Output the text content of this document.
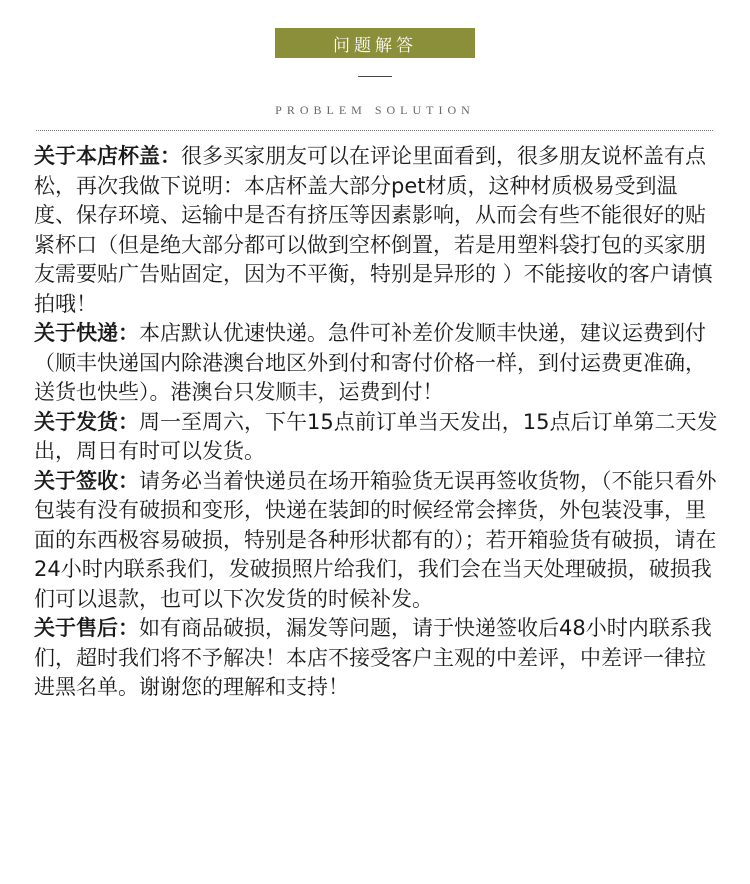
问题解答
PROBLEM SOLUTION

关于本店杯盖：很多买家朋友可以在评论里面看到，很多朋友说杯盖有点松，再次我做下说明：本店杯盖大部分pet材质，这种材质极易受到温度、保存环境、运输中是否有挤压等因素影响，从而会有些不能很好的贴紧杯口（但是绝大部分都可以做到空杯倒置，若是用塑料袋打包的买家朋友需要贴广告贴固定，因为不平衡，特别是异形的 ）不能接收的客户请慎拍哦！

关于快递：本店默认优速快递。急件可补差价发顺丰快递，建议运费到付（顺丰快递国内除港澳台地区外到付和寄付价格一样，到付运费更准确，送货也快些）。港澳台只发顺丰，运费到付！

关于发货：周一至周六，下午15点前订单当天发出，15点后订单第二天发出，周日有时可以发货。

关于签收：请务必当着快递员在场开箱验货无误再签收货物，（不能只看外包装有没有破损和变形，快递在装卸的时候经常会摔货，外包装没事，里面的东西极容易破损，特别是各种形状都有的）；若开箱验货有破损，请在24小时内联系我们，发破损照片给我们，我们会在当天处理破损，破损我们可以退款，也可以下次发货的时候补发。

关于售后：如有商品破损，漏发等问题，请于快递签收后48小时内联系我们，超时我们将不予解决！本店不接受客户主观的中差评，中差评一律拉进黑名单。谢谢您的理解和支持！
